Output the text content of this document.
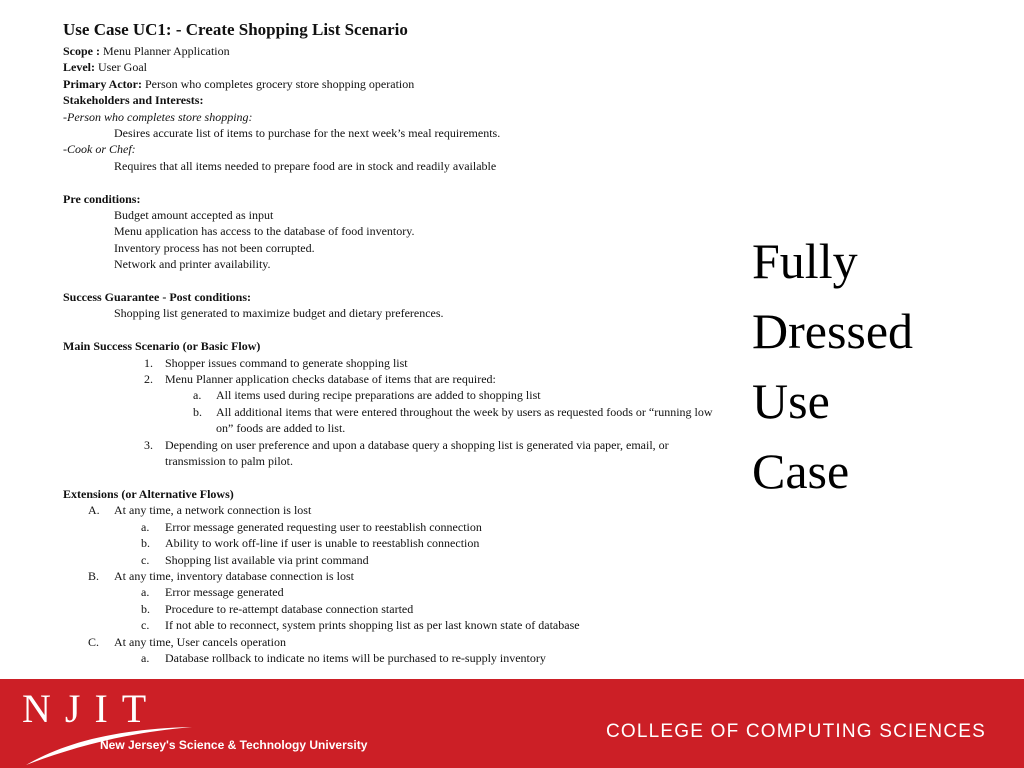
Use Case UC1: - Create Shopping List Scenario
Scope : Menu Planner Application
Level: User Goal
Primary Actor: Person who completes grocery store shopping operation
Stakeholders and Interests:
-Person who completes store shopping:
Desires accurate list of items to purchase for the next week’s meal requirements.
-Cook or Chef:
Requires that all items needed to prepare food are in stock and readily available
Pre conditions:
Budget amount accepted as input
Menu application has access to the database of food inventory.
Inventory process has not been corrupted.
Network and printer availability.
Success Guarantee - Post conditions:
Shopping list generated to maximize budget and dietary preferences.
Main Success Scenario (or Basic Flow)
1. Shopper issues command to generate shopping list
2. Menu Planner application checks database of items that are required:
a. All items used during recipe preparations are added to shopping list
b. All additional items that were entered throughout the week by users as requested foods or “running low on” foods are added to list.
3. Depending on user preference and upon a database query a shopping list is generated via paper, email, or transmission to palm pilot.
Extensions (or Alternative Flows)
A. At any time, a network connection is lost
a. Error message generated requesting user to reestablish connection
b. Ability to work off-line if user is unable to reestablish connection
c. Shopping list available via print command
B. At any time, inventory database connection is lost
a. Error message generated
b. Procedure to re-attempt database connection started
c. If not able to reconnect, system prints shopping list as per last known state of database
C. At any time, User cancels operation
a. Database rollback to indicate no items will be purchased to re-supply inventory
Fully
Dressed
Use
Case
NJIT
New Jersey's Science & Technology University
COLLEGE OF COMPUTING SCIENCES
